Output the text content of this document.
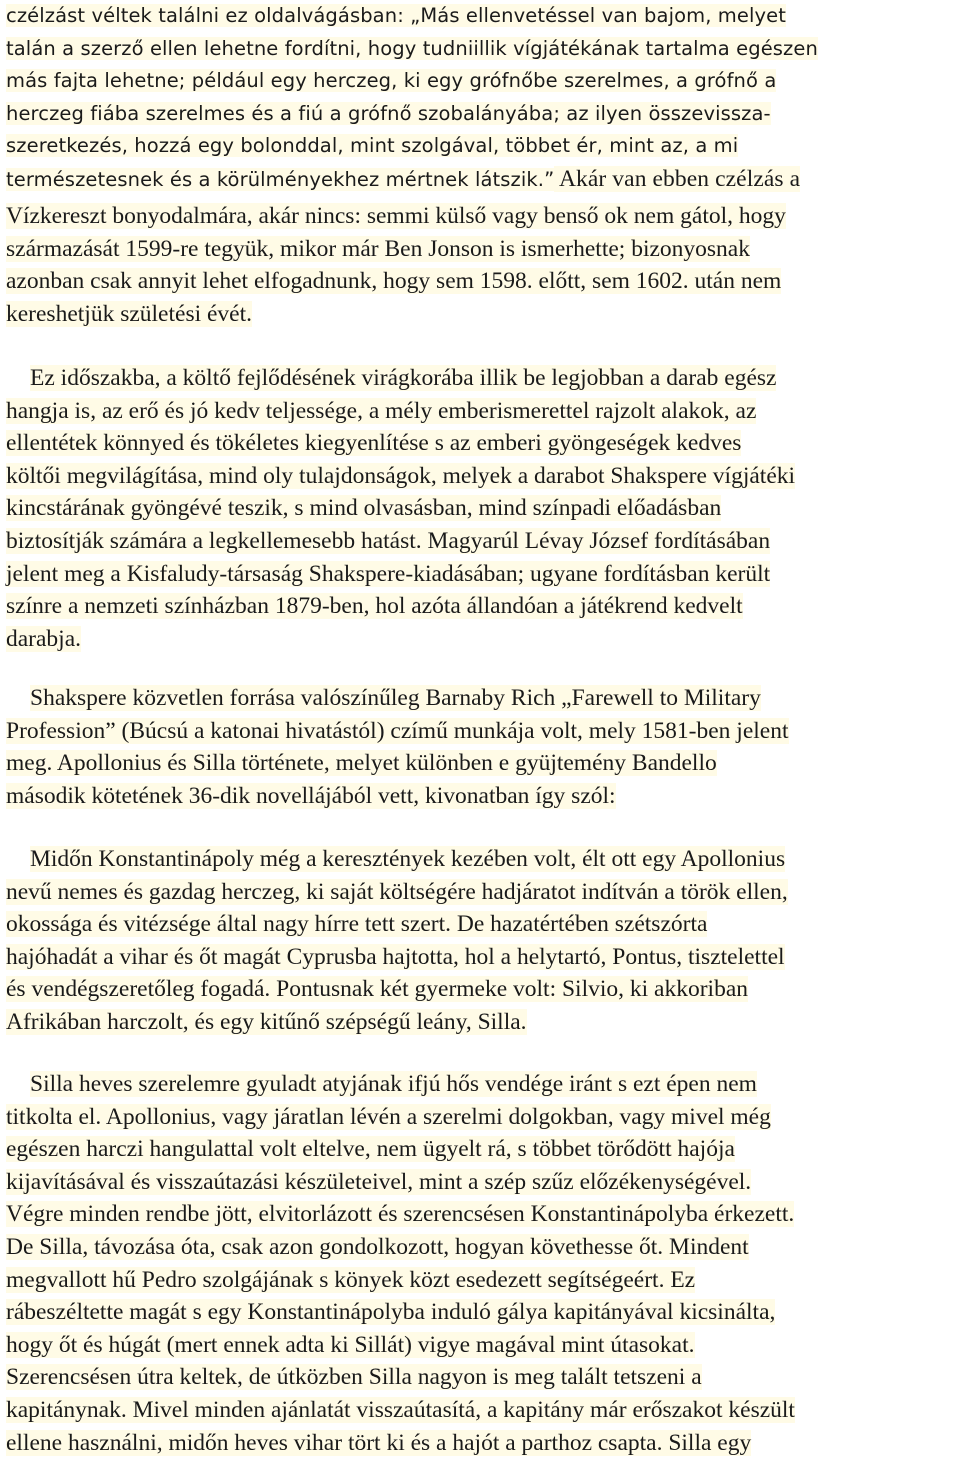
czélzást véltek találni ez oldalvágásban: „Más ellenvetéssel van bajom, melyet
talán a szerző ellen lehetne fordítni, hogy tudniillik vígjátékának tartalma egészen
más fajta lehetne; például egy herczeg, ki egy grófnőbe szerelmes, a grófnő a
herczeg fiába szerelmes és a fiú a grófnő szobalányába; az ilyen összevissza-
szeretkezés, hozzá egy bolonddal, mint szolgával, többet ér, mint az, a mi
természetesnek és a körülményekhez mértnek látszik.” Akár van ebben czélzás a
Vízkereszt bonyodalmára, akár nincs: semmi külső vagy benső ok nem gátol, hogy
származását 1599-re tegyük, mikor már Ben Jonson is ismerhette; bizonyosnak
azonban csak annyit lehet elfogadnunk, hogy sem 1598. előtt, sem 1602. után nem
kereshetjük születési évét.
Ez időszakba, a költő fejlődésének virágkorába illik be legjobban a darab egész
hangja is, az erő és jó kedv teljessége, a mély emberismerettel rajzolt alakok, az
ellentétek könnyed és tökéletes kiegyenlítése s az emberi gyöngeségek kedves
költői megvilágítása, mind oly tulajdonságok, melyek a darabot Shakspere vígjátéki
kincstárának gyöngévé teszik, s mind olvasásban, mind színpadi előadásban
biztosítják számára a legkellemesebb hatást. Magyarúl Lévay József fordításában
jelent meg a Kisfaludy-társaság Shakspere-kiadásában; ugyane fordításban került
színre a nemzeti színházban 1879-ben, hol azóta állandóan a játékrend kedvelt
darabja.
Shakspere közvetlen forrása valószínűleg Barnaby Rich „Farewell to Military
Profession” (Búcsú a katonai hivatástól) czímű munkája volt, mely 1581-ben jelent
meg. Apollonius és Silla története, melyet különben e gyüjtemény Bandello
második kötetének 36-dik novellájából vett, kivonatban így szól:
Midőn Konstantinápoly még a keresztények kezében volt, élt ott egy Apollonius
nevű nemes és gazdag herczeg, ki saját költségére hadjáratot indítván a török ellen,
okossága és vitézsége által nagy hírre tett szert. De hazatértében szétszórta
hajóhadát a vihar és őt magát Cyprusba hajtotta, hol a helytartó, Pontus, tisztelettel
és vendégszeretőleg fogadá. Pontusnak két gyermeke volt: Silvio, ki akkoriban
Afrikában harczolt, és egy kitűnő szépségű leány, Silla.
Silla heves szerelemre gyuladt atyjának ifjú hős vendége iránt s ezt épen nem
titkolta el. Apollonius, vagy járatlan lévén a szerelmi dolgokban, vagy mivel még
egészen harczi hangulattal volt eltelve, nem ügyelt rá, s többet törődött hajója
kijavításával és visszaútazási készületeivel, mint a szép szűz előzékenységével.
Végre minden rendbe jött, elvitorlázott és szerencsésen Konstantinápolyba érkezett.
De Silla, távozása óta, csak azon gondolkozott, hogyan követhesse őt. Mindent
megvallott hű Pedro szolgájának s könyek közt esedezett segítségeért. Ez
rábeszéltette magát s egy Konstantinápolyba induló gálya kapitányával kicsinálta,
hogy őt és húgát (mert ennek adta ki Sillát) vigye magával mint útasokat.
Szerencsésen útra keltek, de útközben Silla nagyon is meg talált tetszeni a
kapitánynak. Mivel minden ajánlatát visszaútasítá, a kapitány már erőszakot készült
ellene használni, midőn heves vihar tört ki és a hajót a parthoz csapta. Silla egy
